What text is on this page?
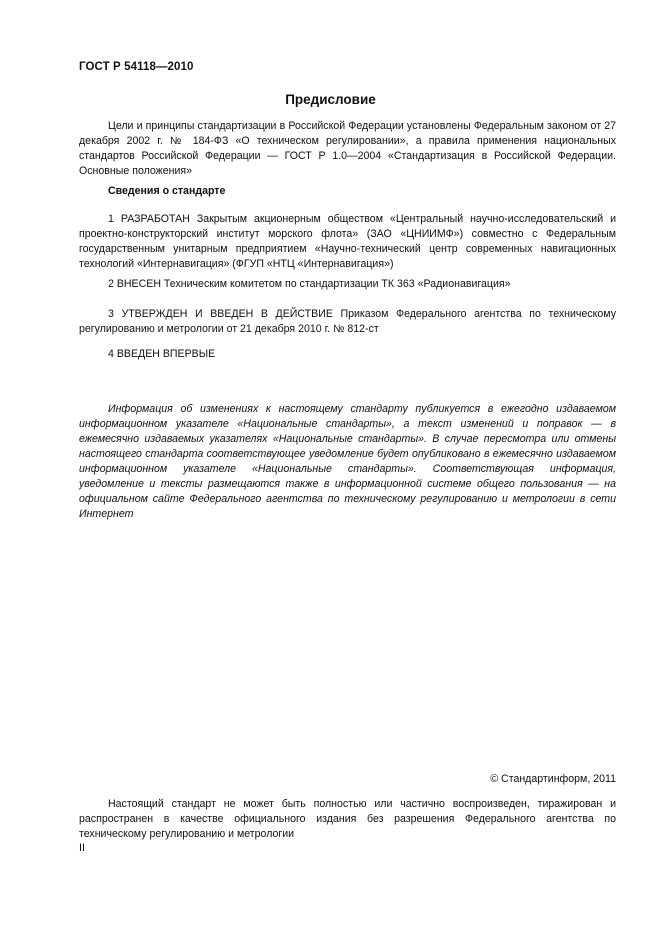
ГОСТ Р 54118—2010
Предисловие
Цели и принципы стандартизации в Российской Федерации установлены Федеральным законом от 27 декабря 2002 г. № 184-ФЗ «О техническом регулировании», а правила применения национальных стандартов Российской Федерации — ГОСТ Р 1.0—2004 «Стандартизация в Российской Федерации. Основные положения»
Сведения о стандарте
1 РАЗРАБОТАН Закрытым акционерным обществом «Центральный научно-исследовательский и проектно-конструкторский институт морского флота» (ЗАО «ЦНИИМФ») совместно с Федеральным государственным унитарным предприятием «Научно-технический центр современных навигационных технологий «Интернавигация» (ФГУП «НТЦ «Интернавигация»)
2 ВНЕСЕН Техническим комитетом по стандартизации ТК 363 «Радионавигация»
3 УТВЕРЖДЕН И ВВЕДЕН В ДЕЙСТВИЕ Приказом Федерального агентства по техническому регулированию и метрологии от 21 декабря 2010 г. № 812-ст
4 ВВЕДЕН ВПЕРВЫЕ
Информация об изменениях к настоящему стандарту публикуется в ежегодно издаваемом информационном указателе «Национальные стандарты», а текст изменений и поправок — в ежемесячно издаваемых указателях «Национальные стандарты». В случае пересмотра или отмены настоящего стандарта соответствующее уведомление будет опубликовано в ежемесячно издаваемом информационном указателе «Национальные стандарты». Соответствующая информация, уведомление и тексты размещаются также в информационной системе общего пользования — на официальном сайте Федерального агентства по техническому регулированию и метрологии в сети Интернет
© Стандартинформ, 2011
Настоящий стандарт не может быть полностью или частично воспроизведен, тиражирован и распространен в качестве официального издания без разрешения Федерального агентства по техническому регулированию и метрологии
II
